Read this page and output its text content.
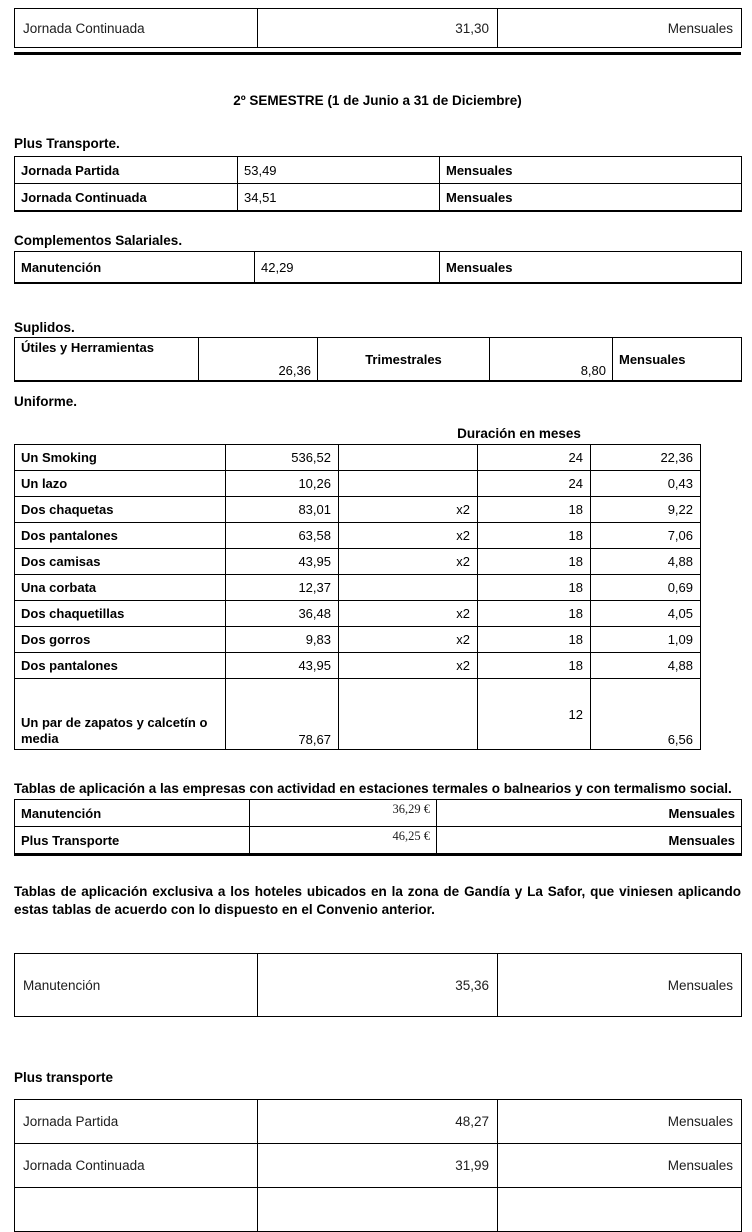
Jornada Continuada	31,30	Mensuales
2º SEMESTRE (1 de Junio a 31 de Diciembre)
Plus Transporte.
Jornada Partida	53,49	Mensuales
Jornada Continuada	34,51	Mensuales
Complementos Salariales.
Manutención	42,29	Mensuales
Suplidos.
Útiles y Herramientas	26,36	Trimestrales	8,80	Mensuales
Uniforme.
Duración en meses
Un Smoking	536,52		24	22,36
Un lazo	10,26		24	0,43
Dos chaquetas	83,01	x2	18	9,22
Dos pantalones	63,58	x2	18	7,06
Dos camisas	43,95	x2	18	4,88
Una corbata	12,37		18	0,69
Dos chaquetillas	36,48	x2	18	4,05
Dos gorros	9,83	x2	18	1,09
Dos pantalones	43,95	x2	18	4,88
Un par de zapatos y calcetín o media	78,67		12	6,56
Tablas de aplicación a las empresas con actividad en estaciones termales o balnearios y con termalismo social.
Manutención	36,29 €	Mensuales
Plus Transporte	46,25 €	Mensuales
Tablas de aplicación exclusiva a los hoteles ubicados en la zona de Gandía y La Safor, que viniesen aplicando estas tablas de acuerdo con lo dispuesto en el Convenio anterior.
Manutención	35,36	Mensuales
Plus transporte
Jornada Partida	48,27	Mensuales
Jornada Continuada	31,99	Mensuales
